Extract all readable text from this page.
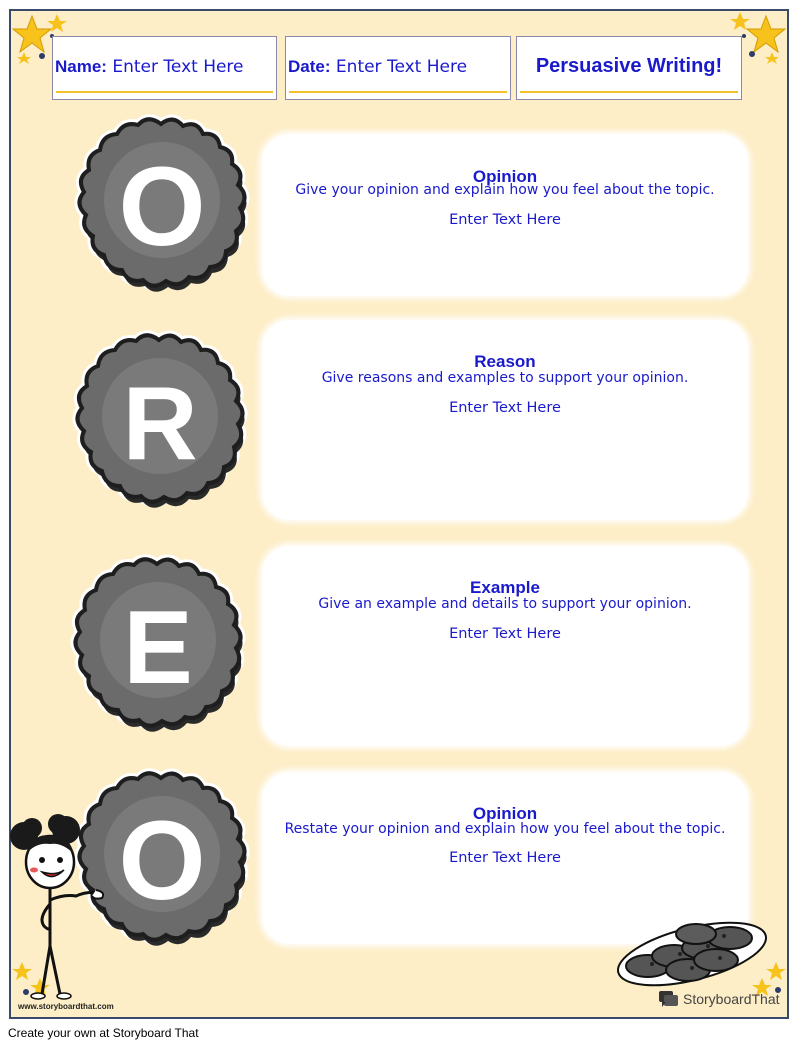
Name: Enter Text Here	Date: Enter Text Here	Persuasive Writing!
O	Opinion
Give your opinion and explain how you feel about the topic.
Enter Text Here
R
Reason
Give reasons and examples to support your opinion.
Enter Text Here
E
Example
Give an example and details to support your opinion.
Enter Text Here
O	Opinion
Restate your opinion and explain how you feel about the topic.
Enter Text Here
www.storyboardthat.com	StoryboardThat
Create your own at Storyboard That
